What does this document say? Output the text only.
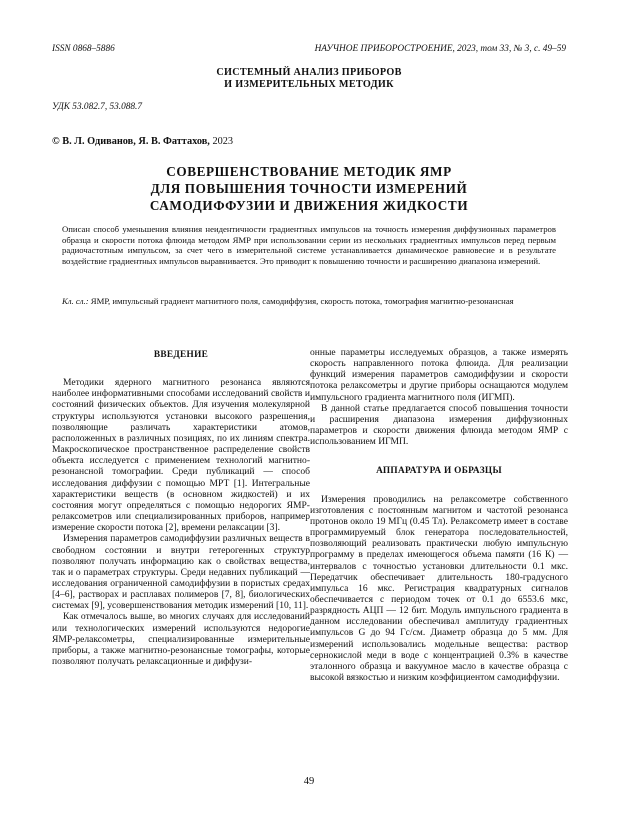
ISSN 0868–5886	НАУЧНОЕ ПРИБОРОСТРОЕНИЕ, 2023, том 33, № 3, с. 49–59
СИСТЕМНЫЙ АНАЛИЗ ПРИБОРОВ
И ИЗМЕРИТЕЛЬНЫХ МЕТОДИК
УДК 53.082.7, 53.088.7
© В. Л. Одиванов, Я. В. Фаттахов, 2023
СОВЕРШЕНСТВОВАНИЕ МЕТОДИК ЯМР
ДЛЯ ПОВЫШЕНИЯ ТОЧНОСТИ ИЗМЕРЕНИЙ
САМОДИФФУЗИИ И ДВИЖЕНИЯ ЖИДКОСТИ
Описан способ уменьшения влияния неидентичности градиентных импульсов на точность измерения диффузионных параметров образца и скорости потока флюида методом ЯМР при использовании серии из нескольких градиентных импульсов перед первым радиочастотным импульсом, за счет чего в измерительной системе устанавливается динамическое равновесие и в результате воздействие градиентных импульсов выравнивается. Это приводит к повышению точности и расширению диапазона измерений.
Кл. сл.: ЯМР, импульсный градиент магнитного поля, самодиффузия, скорость потока, томография магнитно-резонансная
ВВЕДЕНИЕ

Методики ядерного магнитного резонанса являются наиболее информативными способами исследований свойств и состояний физических объектов. Для изучения молекулярной структуры используются установки высокого разрешения, позволяющие различать характеристики атомов, расположенных в различных позициях, по их линиям спектра. Макроскопическое пространственное распределение свойств объекта исследуется с применением технологий магнитно-резонансной томографии. Среди публикаций — способ исследования диффузии с помощью МРТ [1]. Интегральные характеристики веществ (в основном жидкостей) и их состояния могут определяться с помощью недорогих ЯМР-релаксометров или специализированных приборов, например измерение скорости потока [2], времени релаксации [3].

Измерения параметров самодиффузии различных веществ в свободном состоянии и внутри гетерогенных структур позволяют получать информацию как о свойствах вещества, так и о параметрах структуры. Среди недавних публикаций — исследования ограниченной самодиффузии в пористых средах [4–6], растворах и расплавах полимеров [7, 8], биологических системах [9], усовершенствования методик измерений [10, 11].

Как отмечалось выше, во многих случаях для исследований или технологических измерений используются недорогие ЯМР-релаксометры, специализированные измерительные приборы, а также магнитно-резонансные томографы, которые позволяют получать релаксационные и диффузи-

онные параметры исследуемых образцов, а также измерять скорость направленного потока флюида. Для реализации функций измерения параметров самодиффузии и скорости потока релаксометры и другие приборы оснащаются модулем импульсного градиента магнитного поля (ИГМП).

В данной статье предлагается способ повышения точности и расширения диапазона измерения диффузионных параметров и скорости движения флюида методом ЯМР с использованием ИГМП.

АППАРАТУРА И ОБРАЗЦЫ

Измерения проводились на релаксометре собственного изготовления с постоянным магнитом и частотой резонанса протонов около 19 МГц (0.45 Тл). Релаксометр имеет в составе программируемый блок генератора последовательностей, позволяющий реализовать практически любую импульсную программу в пределах имеющегося объема памяти (16 К) — интервалов с точностью установки длительности 0.1 мкс. Передатчик обеспечивает длительность 180-градусного импульса 16 мкс. Регистрация квадратурных сигналов обеспечивается с периодом точек от 0.1 до 6553.6 мкс, разрядность АЦП — 12 бит. Модуль импульсного градиента в данном исследовании обеспечивал амплитуду градиентных импульсов G до 94 Гс/см. Диаметр образца до 5 мм. Для измерений использовались модельные вещества: раствор сернокислой меди в воде с концентрацией 0.3% в качестве эталонного образца и вакуумное масло в качестве образца с высокой вязкостью и низким коэффициентом самодиффузии.

49
